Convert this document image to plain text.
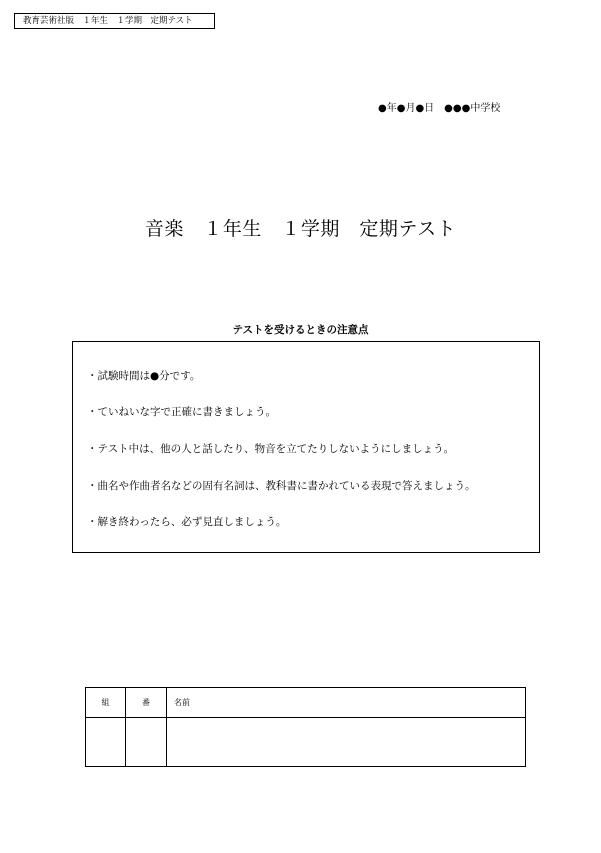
教育芸術社版　１年生　１学期　定期テスト
●年●月●日　●●●中学校
音楽　１年生　１学期　定期テスト
テストを受けるときの注意点
・試験時間は●分です。
・ていねいな字で正確に書きましょう。
・テスト中は、他の人と話したり、物音を立てたりしないようにしましょう。
・曲名や作曲者名などの固有名詞は、教科書に書かれている表現で答えましょう。
・解き終わったら、必ず見直しましょう。
組	番	名前
